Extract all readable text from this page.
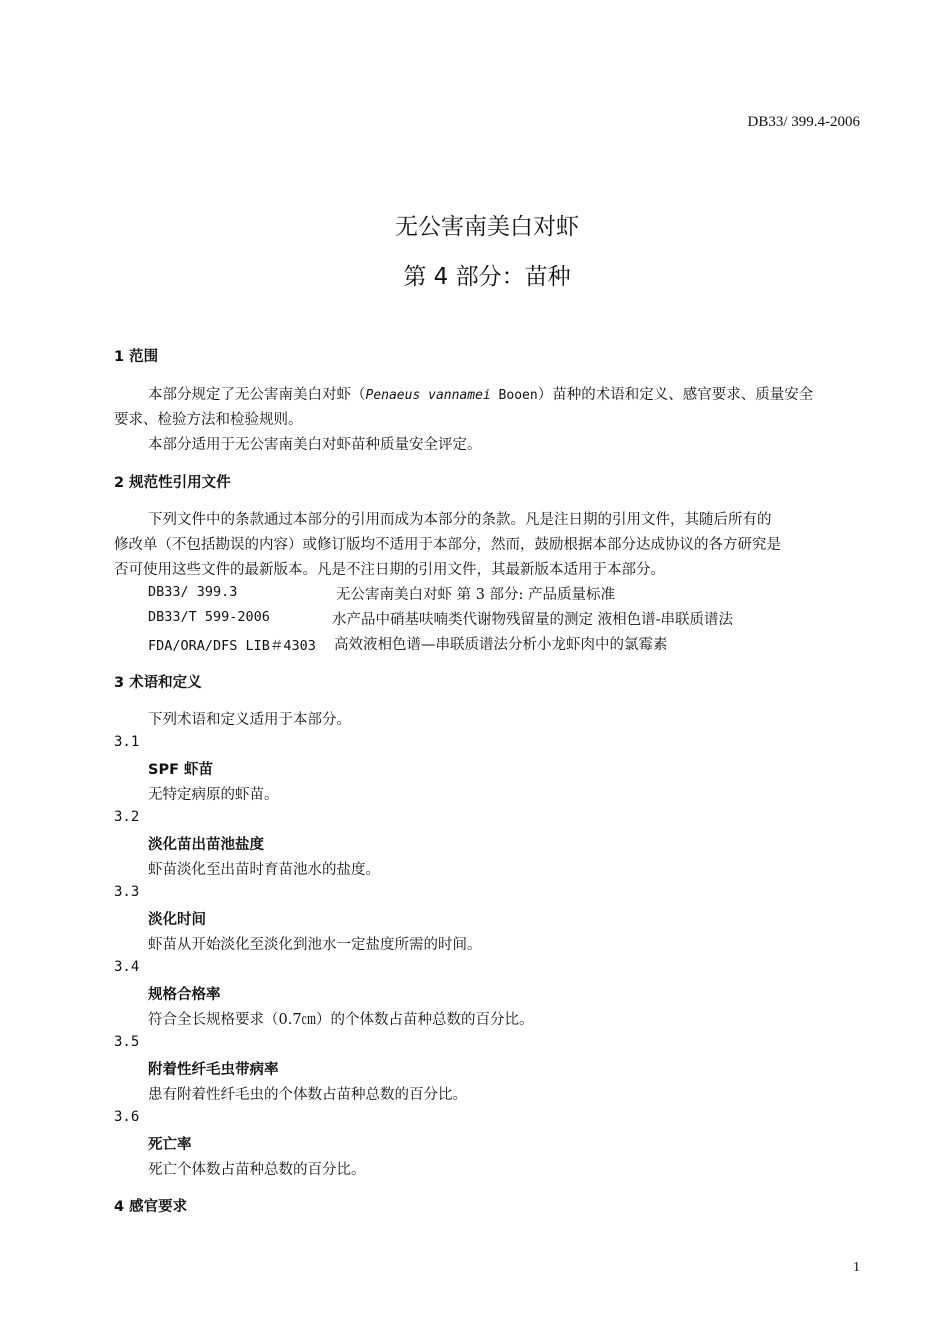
DB33/ 399.4-2006
无公害南美白对虾
第 4 部分：苗种
1 范围
本部分规定了无公害南美白对虾（Penaeus vannamei Booen）苗种的术语和定义、感官要求、质量安全
要求、检验方法和检验规则。
本部分适用于无公害南美白对虾苗种质量安全评定。
2 规范性引用文件
下列文件中的条款通过本部分的引用而成为本部分的条款。凡是注日期的引用文件，其随后所有的
修改单（不包括勘误的内容）或修订版均不适用于本部分，然而，鼓励根据本部分达成协议的各方研究是
否可使用这些文件的最新版本。凡是不注日期的引用文件，其最新版本适用于本部分。
DB33/ 399.3	无公害南美白对虾 第 3 部分: 产品质量标准
DB33/T 599-2006	水产品中硝基呋喃类代谢物残留量的测定 液相色谱-串联质谱法
FDA/ORA/DFS LIB＃4303 高效液相色谱—串联质谱法分析小龙虾肉中的氯霉素
3 术语和定义
下列术语和定义适用于本部分。
3.1
SPF 虾苗
无特定病原的虾苗。
3.2
淡化苗出苗池盐度
虾苗淡化至出苗时育苗池水的盐度。
3.3
淡化时间
虾苗从开始淡化至淡化到池水一定盐度所需的时间。
3.4
规格合格率
符合全长规格要求（0.7㎝）的个体数占苗种总数的百分比。
3.5
附着性纤毛虫带病率
患有附着性纤毛虫的个体数占苗种总数的百分比。
3.6
死亡率
死亡个体数占苗种总数的百分比。
4 感官要求
1
